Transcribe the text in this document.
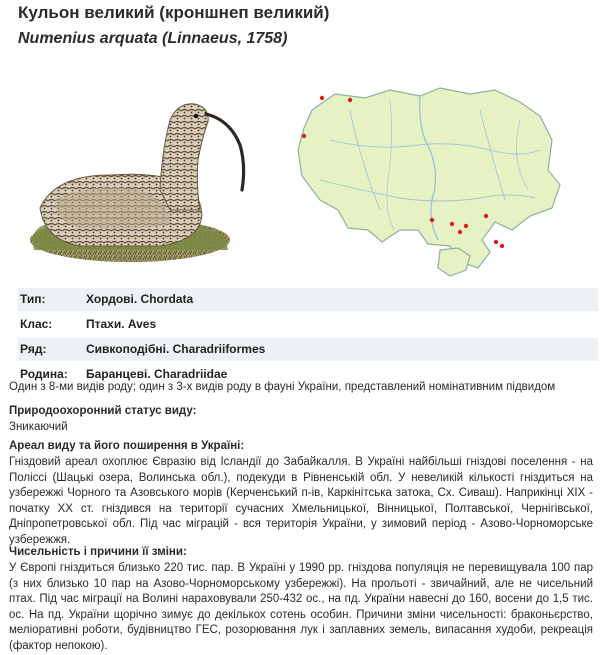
Кульон великий (кроншнеп великий)
Numenius arquata (Linnaeus, 1758)
Тип:	Хордові. Chordata
Клас:	Птахи. Aves
Ряд:	Сивкоподібні. Charadriiformes
Родина:	Баранцеві. Charadriidae

Один з 8-ми видів роду; один з 3-х видів роду в фауні України, представлений номінативним підвидом

Природоохоронний статус виду:

Зникаючий

Ареал виду та його поширення в Україні:

Гніздовий ареал охоплює Євразію від Ісландії до Забайкалля. В Україні найбільші гніздові поселення - на Поліссі (Шацькі озера, Волинська обл.), подекуди в Рівненській обл. У невеликій кількості гніздиться на узбережжі Чорного та Азовського морів (Керченський п-ів, Каркінітська затока, Сх. Сиваш). Наприкінці XIX - початку XX ст. гніздився на території сучасних Хмельницької, Вінницької, Полтавської, Чернігівської, Дніпропетровської обл. Під час міграцій - вся територія України, у зимовий період - Азово-Чорноморське узбережжя.

Чисельність і причини її зміни:

У Європі гніздиться близько 220 тис. пар. В Україні у 1990 рр. гніздова популяція не перевищувала 100 пар (з них близько 10 пар на Азово-Чорноморському узбережжі). На прольоті - звичайний, але не чисельний птах. Під час міграції на Волині нараховували 250-432 ос., на пд. України навесні до 160, восени до 1,5 тис. ос. На пд. України щорічно зимує до декількох сотень особин. Причини зміни чисельності: браконьєрство, меліоративні роботи, будівництво ГЕС, розорювання лук і заплавних земель, випасання худоби, рекреація (фактор непокою).
